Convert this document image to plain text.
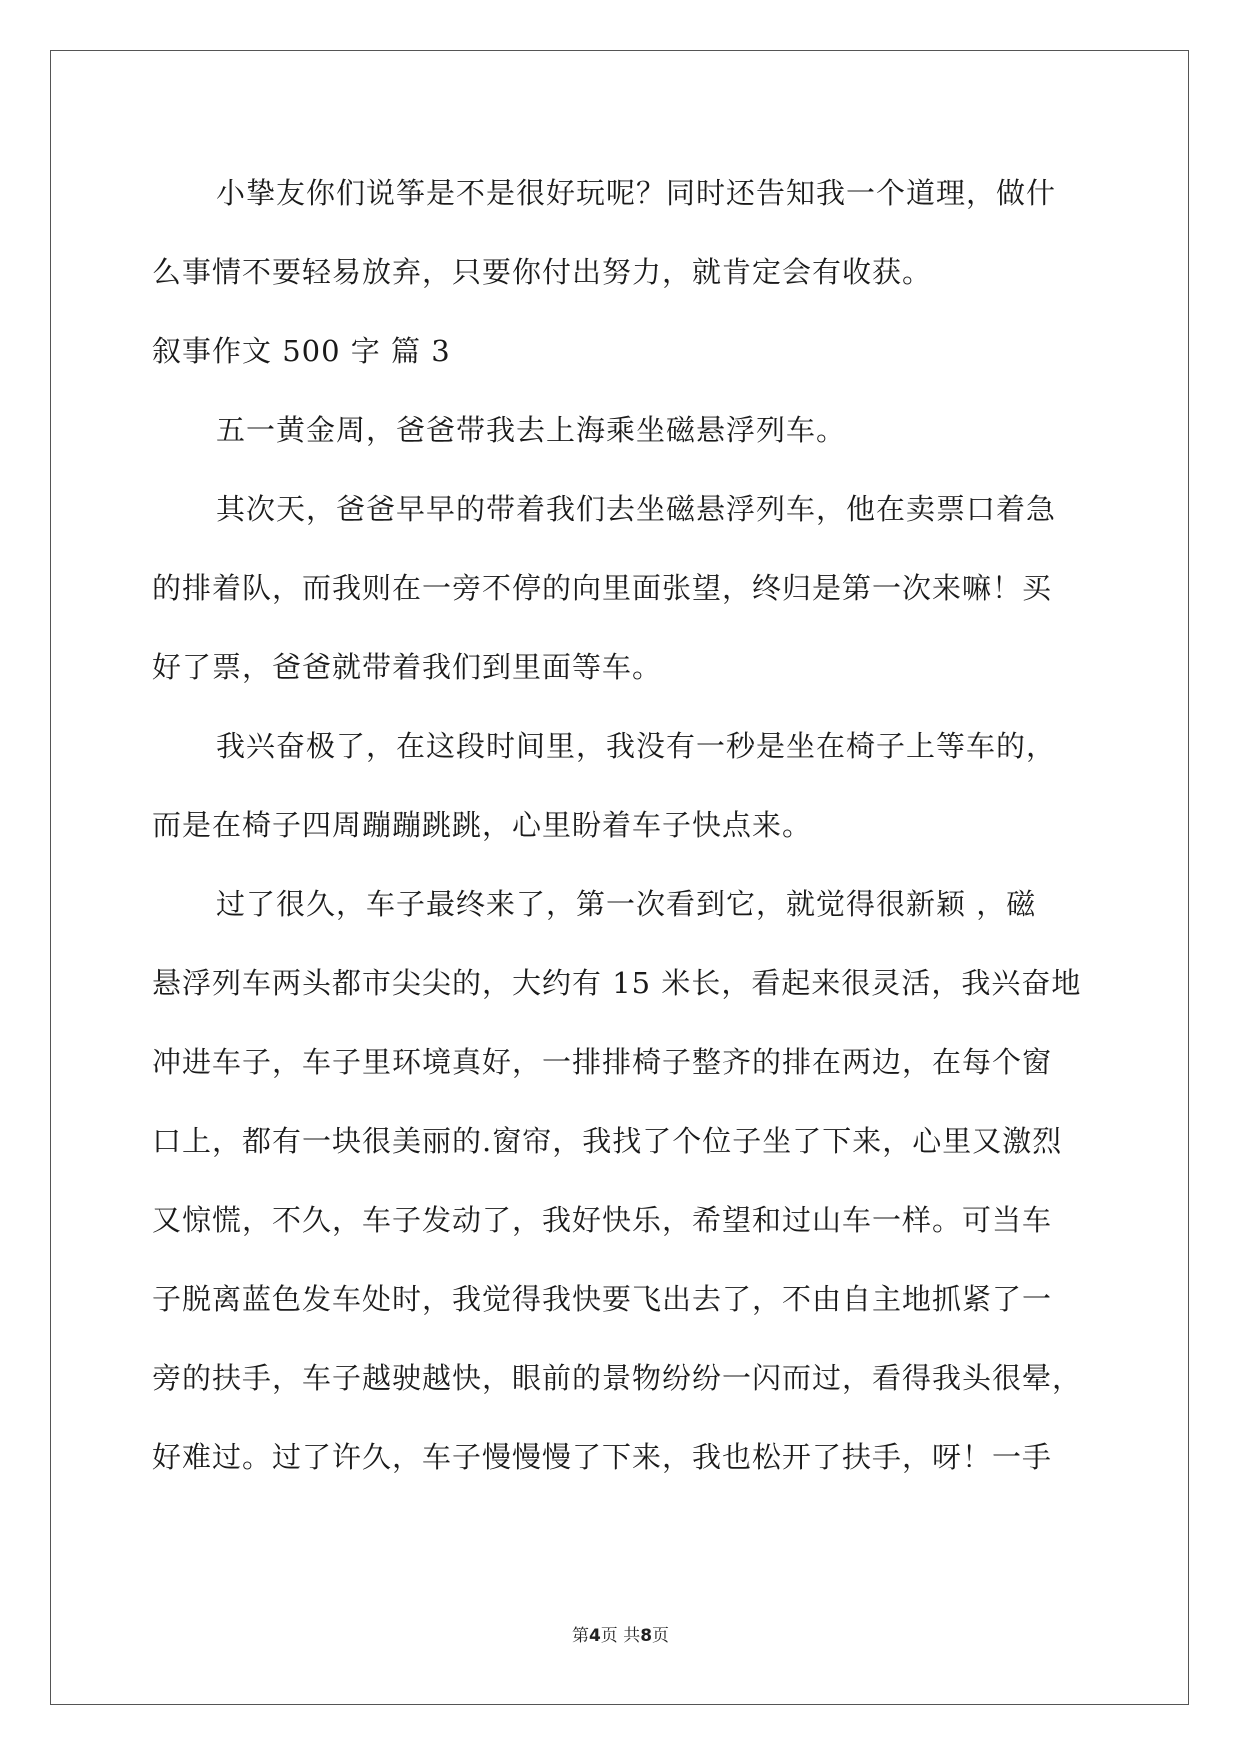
小挚友你们说筝是不是很好玩呢？同时还告知我一个道理，做什
么事情不要轻易放弃，只要你付出努力，就肯定会有收获。
叙事作文 500 字 篇 3
五一黄金周，爸爸带我去上海乘坐磁悬浮列车。
其次天，爸爸早早的带着我们去坐磁悬浮列车，他在卖票口着急
的排着队，而我则在一旁不停的向里面张望，终归是第一次来嘛！买
好了票，爸爸就带着我们到里面等车。
我兴奋极了，在这段时间里，我没有一秒是坐在椅子上等车的，
而是在椅子四周蹦蹦跳跳，心里盼着车子快点来。
过了很久，车子最终来了，第一次看到它，就觉得很新颖 ，磁
悬浮列车两头都市尖尖的，大约有 15 米长，看起来很灵活，我兴奋地
冲进车子，车子里环境真好，一排排椅子整齐的排在两边，在每个窗
口上，都有一块很美丽的.窗帘，我找了个位子坐了下来，心里又激烈
又惊慌，不久，车子发动了，我好快乐，希望和过山车一样。可当车
子脱离蓝色发车处时，我觉得我快要飞出去了，不由自主地抓紧了一
旁的扶手，车子越驶越快，眼前的景物纷纷一闪而过，看得我头很晕，
好难过。过了许久，车子慢慢慢了下来，我也松开了扶手，呀！一手
第4页 共8页
